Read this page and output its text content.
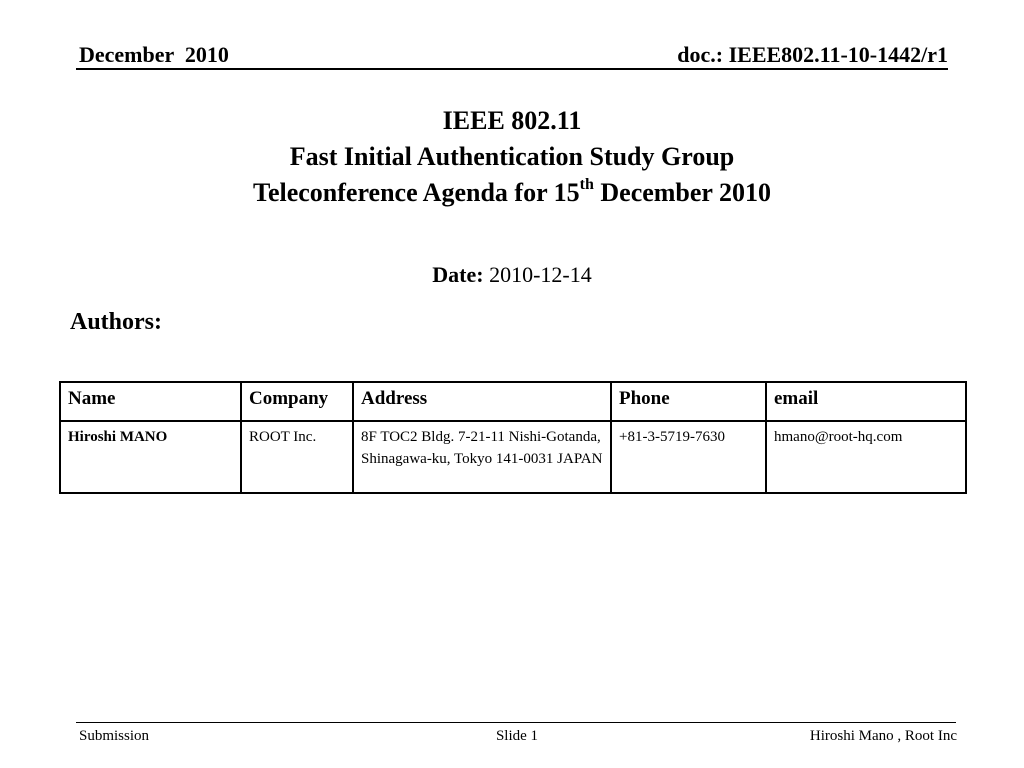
December  2010	doc.: IEEE802.11-10-1442/r1
IEEE 802.11
Fast Initial Authentication Study Group
Teleconference Agenda for 15th December 2010
Date: 2010-12-14
Authors:
Name	Company	Address	Phone	email
Hiroshi MANO	ROOT Inc.	8F TOC2 Bldg. 7-21-11 Nishi-Gotanda, Shinagawa-ku, Tokyo 141-0031 JAPAN	+81-3-5719-7630	hmano@root-hq.com
Submission	Slide 1	Hiroshi Mano , Root Inc
